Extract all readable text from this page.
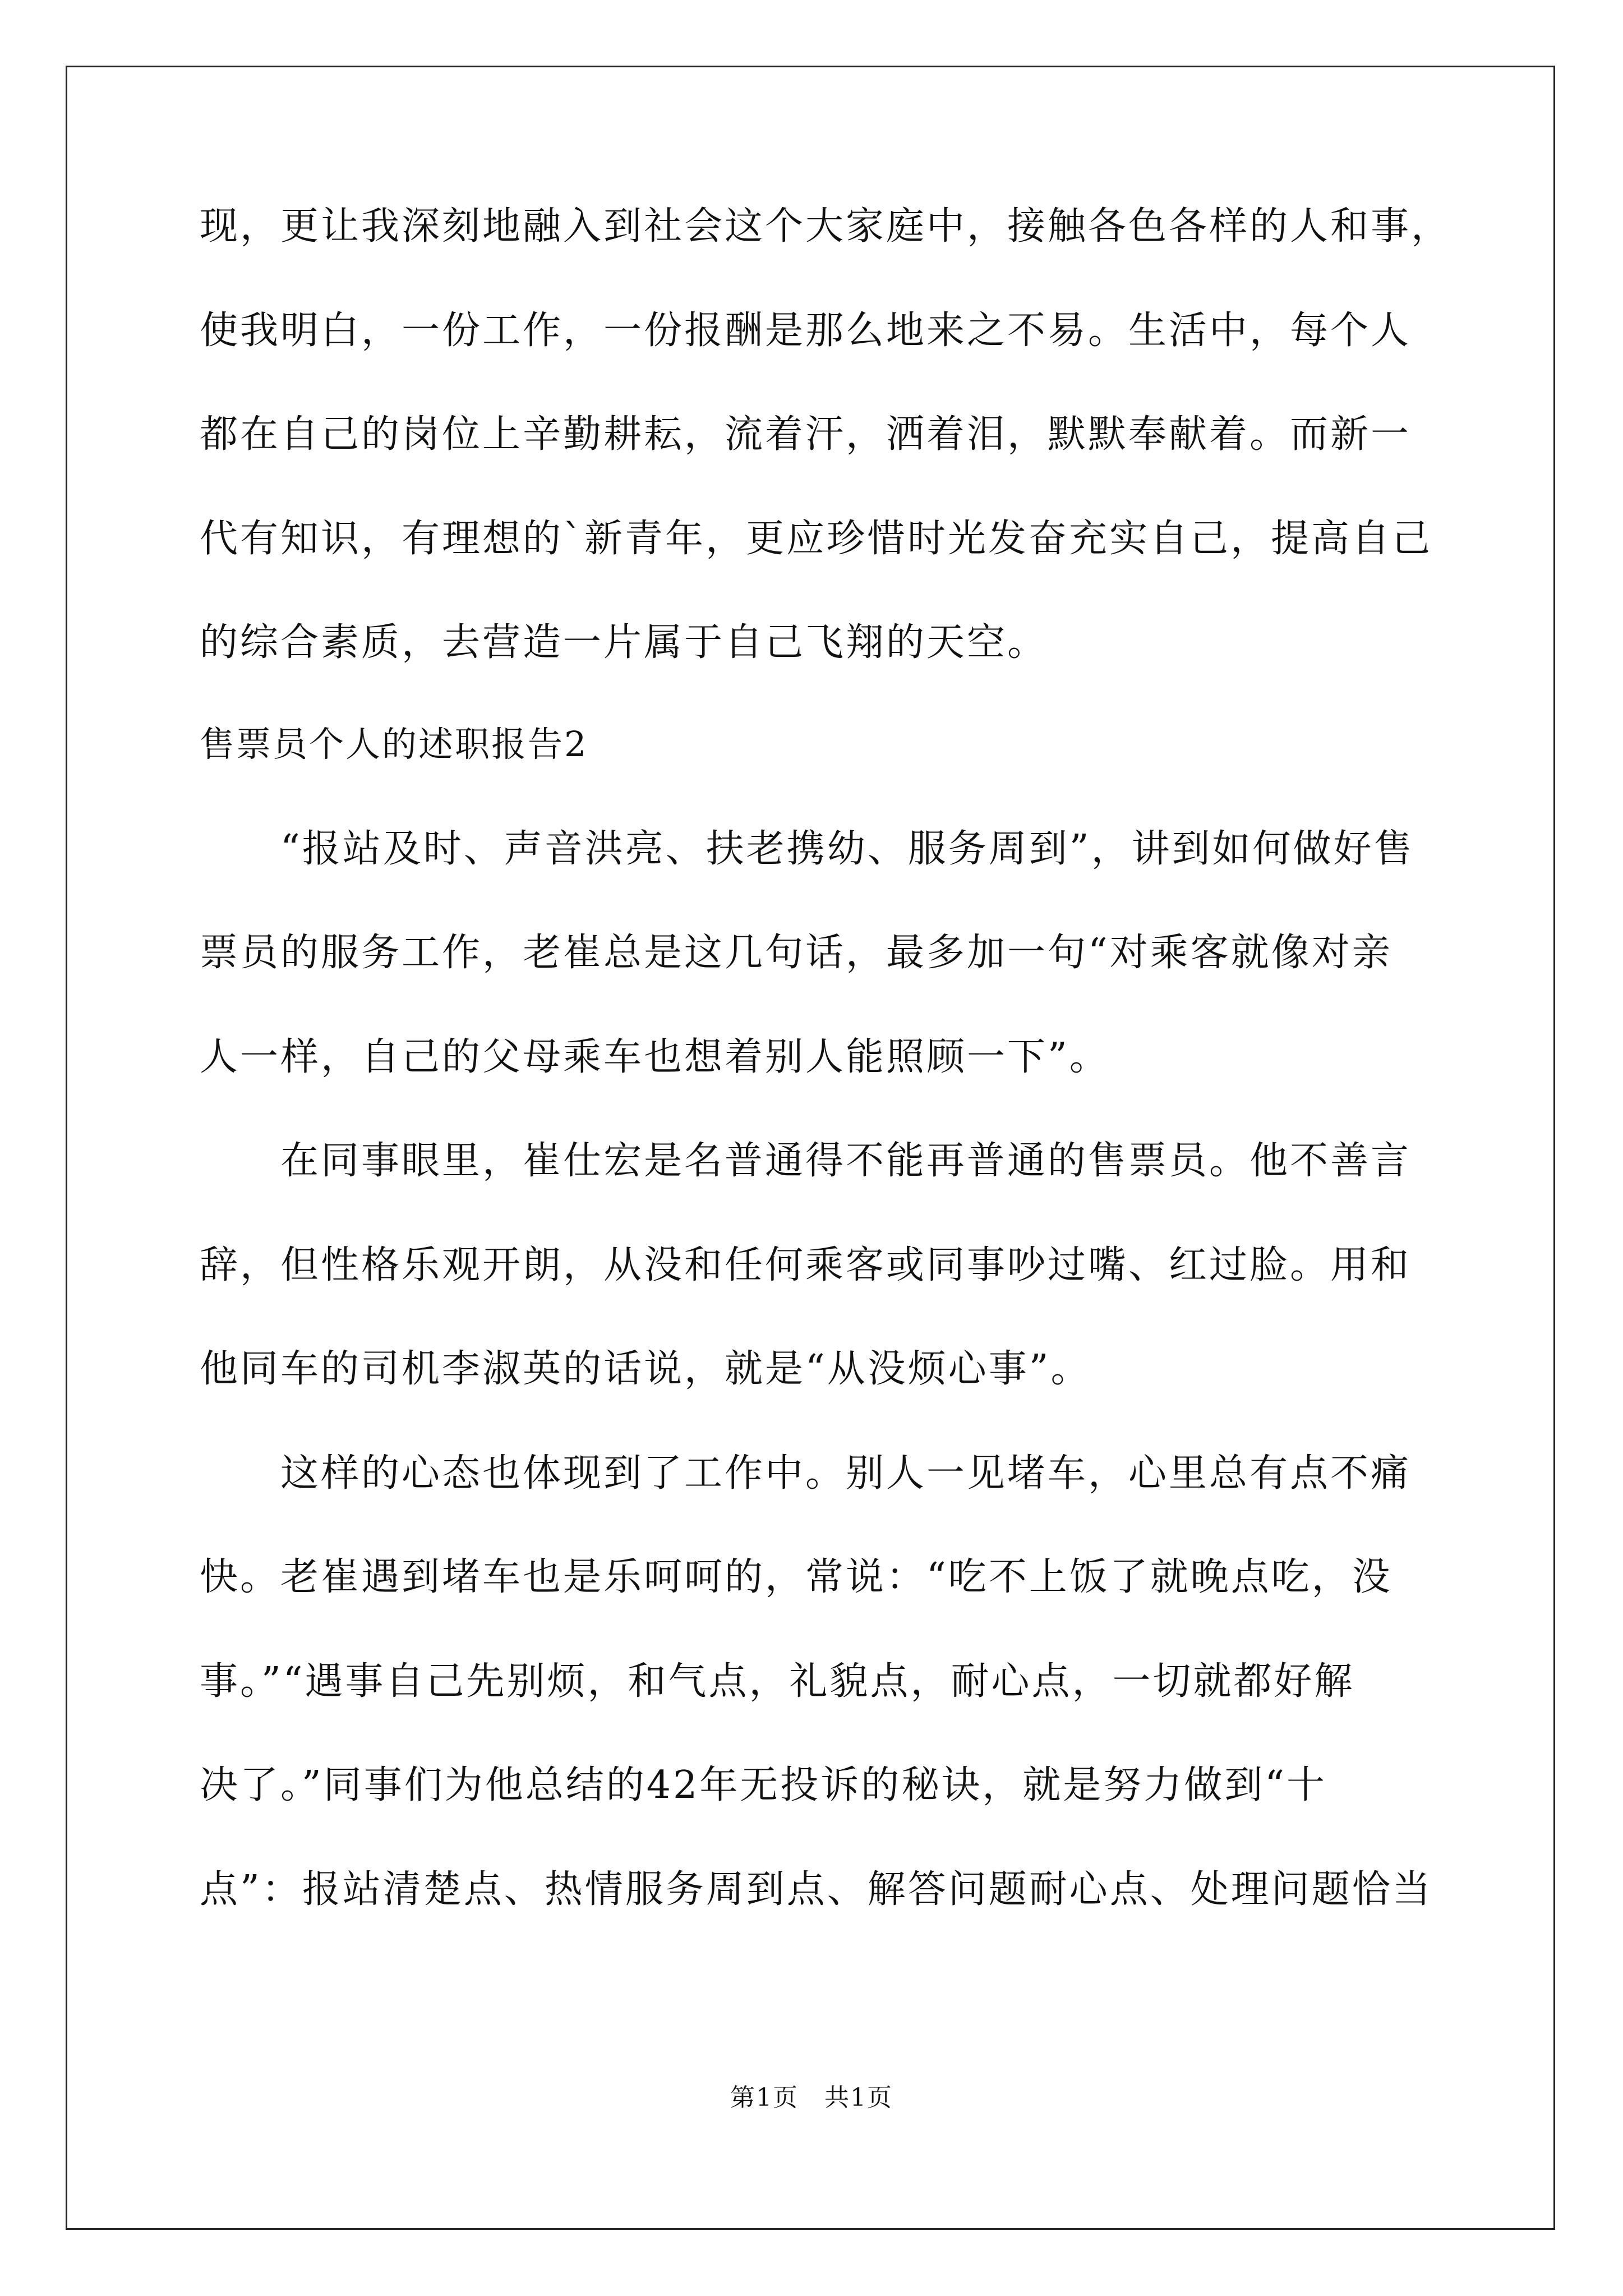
现，更让我深刻地融入到社会这个大家庭中，接触各色各样的人和事，
使我明白，一份工作，一份报酬是那么地来之不易。生活中，每个人
都在自己的岗位上辛勤耕耘，流着汗，洒着泪，默默奉献着。而新一
代有知识，有理想的`新青年，更应珍惜时光发奋充实自己，提高自己
的综合素质，去营造一片属于自己飞翔的天空。
售票员个人的述职报告2
　　“报站及时、声音洪亮、扶老携幼、服务周到”，讲到如何做好售
票员的服务工作，老崔总是这几句话，最多加一句“对乘客就像对亲
人一样，自己的父母乘车也想着别人能照顾一下”。
　　在同事眼里，崔仕宏是名普通得不能再普通的售票员。他不善言
辞，但性格乐观开朗，从没和任何乘客或同事吵过嘴、红过脸。用和
他同车的司机李淑英的话说，就是“从没烦心事”。
　　这样的心态也体现到了工作中。别人一见堵车，心里总有点不痛
快。老崔遇到堵车也是乐呵呵的，常说：“吃不上饭了就晚点吃，没
事。”“遇事自己先别烦，和气点，礼貌点，耐心点，一切就都好解
决了。”同事们为他总结的42年无投诉的秘诀，就是努力做到“十
点”：报站清楚点、热情服务周到点、解答问题耐心点、处理问题恰当
第1页　共1页
